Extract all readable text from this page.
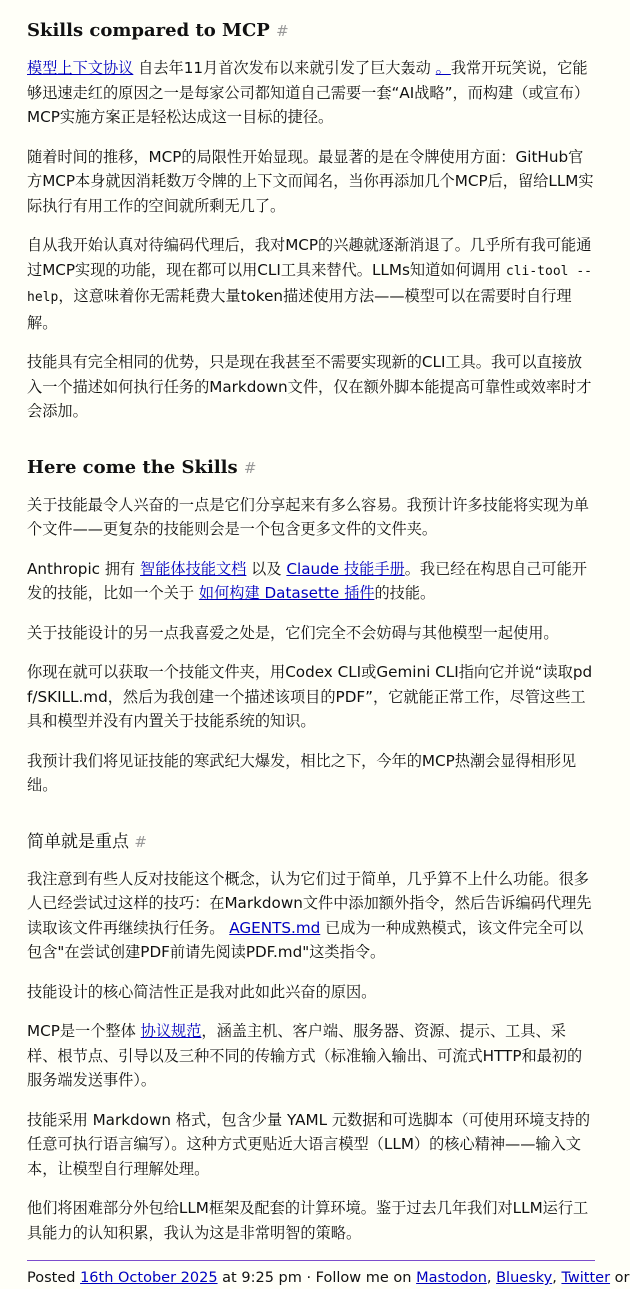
Skills compared to MCP #

模型上下文协议 自去年11月首次发布以来就引发了巨大轰动 。我常开玩笑说，它能够迅速走红的原因之一是每家公司都知道自己需要一套“AI战略”，而构建（或宣布）MCP实施方案正是轻松达成这一目标的捷径。

随着时间的推移，MCP的局限性开始显现。最显著的是在令牌使用方面：GitHub官方MCP本身就因消耗数万令牌的上下文而闻名，当你再添加几个MCP后，留给LLM实际执行有用工作的空间就所剩无几了。

自从我开始认真对待编码代理后，我对MCP的兴趣就逐渐消退了。几乎所有我可能通过MCP实现的功能，现在都可以用CLI工具来替代。LLMs知道如何调用 cli-tool --help，这意味着你无需耗费大量token描述使用方法——模型可以在需要时自行理解。

技能具有完全相同的优势，只是现在我甚至不需要实现新的CLI工具。我可以直接放入一个描述如何执行任务的Markdown文件，仅在额外脚本能提高可靠性或效率时才会添加。

Here come the Skills #

关于技能最令人兴奋的一点是它们分享起来有多么容易。我预计许多技能将实现为单个文件——更复杂的技能则会是一个包含更多文件的文件夹。

Anthropic 拥有 智能体技能文档 以及 Claude 技能手册。我已经在构思自己可能开发的技能，比如一个关于 如何构建 Datasette 插件的技能。

关于技能设计的另一点我喜爱之处是，它们完全不会妨碍与其他模型一起使用。

你现在就可以获取一个技能文件夹，用Codex CLI或Gemini CLI指向它并说“读取pdf/SKILL.md，然后为我创建一个描述该项目的PDF”，它就能正常工作，尽管这些工具和模型并没有内置关于技能系统的知识。

我预计我们将见证技能的寒武纪大爆发，相比之下，今年的MCP热潮会显得相形见绌。

简单就是重点 #

我注意到有些人反对技能这个概念，认为它们过于简单，几乎算不上什么功能。很多人已经尝试过这样的技巧：在Markdown文件中添加额外指令，然后告诉编码代理先读取该文件再继续执行任务。 AGENTS.md 已成为一种成熟模式，该文件完全可以包含"在尝试创建PDF前请先阅读PDF.md"这类指令。

技能设计的核心简洁性正是我对此如此兴奋的原因。

MCP是一个整体 协议规范，涵盖主机、客户端、服务器、资源、提示、工具、采样、根节点、引导以及三种不同的传输方式（标准输入输出、可流式HTTP和最初的服务端发送事件）。

技能采用 Markdown 格式，包含少量 YAML 元数据和可选脚本（可使用环境支持的任意可执行语言编写）。这种方式更贴近大语言模型（LLM）的核心精神——输入文本，让模型自行理解处理。

他们将困难部分外包给LLM框架及配套的计算环境。鉴于过去几年我们对LLM运行工具能力的认知积累，我认为这是非常明智的策略。

Posted 16th October 2025 at 9:25 pm · Follow me on Mastodon, Bluesky, Twitter or
